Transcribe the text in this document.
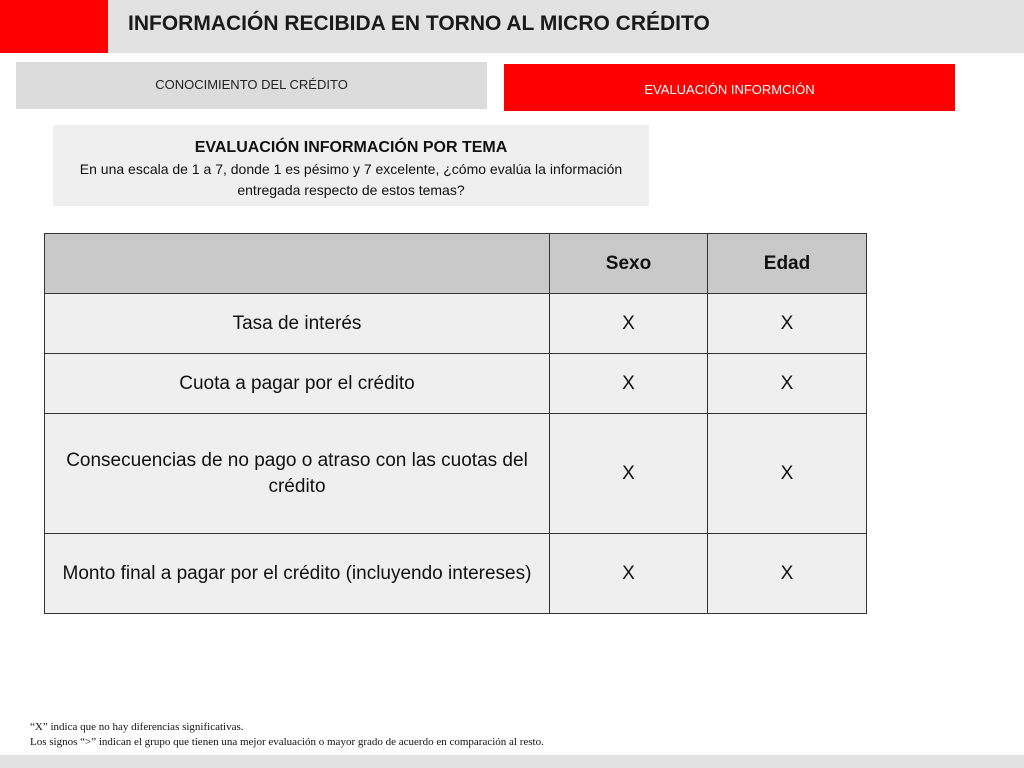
INFORMACIÓN RECIBIDA EN TORNO AL MICRO CRÉDITO
CONOCIMIENTO DEL CRÉDITO	EVALUACIÓN INFORMCIÓN
EVALUACIÓN INFORMACIÓN POR TEMA
En una escala de 1 a 7, donde 1 es pésimo y 7 excelente, ¿cómo evalúa la información entregada respecto de estos temas?
	Sexo	Edad
Tasa de interés	X	X
Cuota a pagar por el crédito	X	X
Consecuencias de no pago o atraso con las cuotas del crédito	X	X
Monto final a pagar por el crédito (incluyendo intereses)	X	X
“X” indica que no hay diferencias significativas.
Los signos “>” indican el grupo que tienen una mejor evaluación o mayor grado de acuerdo en comparación al resto.
